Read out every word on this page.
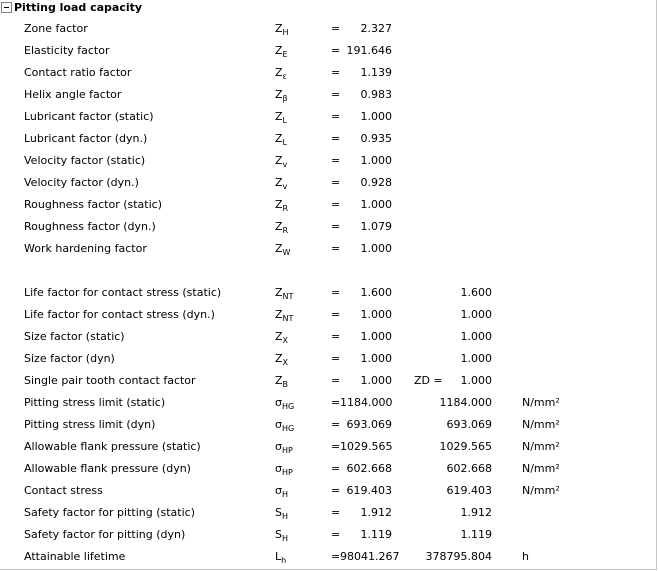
Pitting load capacity
Zone factor	$Z_H$	=	2.327
Elasticity factor	$Z_E$	= 191.646
Contact ratio factor	$Z_\varepsilon$	=	1.139
Helix angle factor	$Z_\beta$	=	0.983
Lubricant factor (static)	$Z_L$	=	1.000
Lubricant factor (dyn.)	$Z_L$	=	0.935
Velocity factor (static)	$Z_v$	=	1.000
Velocity factor (dyn.)	$Z_v$	=	0.928
Roughness factor (static)	$Z_R$	=	1.000
Roughness factor (dyn.)	$Z_R$	=	1.079
Work hardening factor	$Z_W$	=	1.000
Life factor for contact stress (static)	$Z_{NT}$	=	1.600	1.600
Life factor for contact stress (dyn.)	$Z_{NT}$	=	1.000	1.000
Size factor (static)	$Z_X$	=	1.000	1.000
Size factor (dyn)	$Z_X$	=	1.000	1.000
Single pair tooth contact factor	$Z_B$	=	1.000 ZD =	1.000
Pitting stress limit (static)	$\sigma_{HG}$	= 1184.000	1184.000	N/mm²
Pitting stress limit (dyn)	$\sigma_{HG}$	= 693.069	693.069	N/mm²
Allowable flank pressure (static)	$\sigma_{HP}$	= 1029.565	1029.565	N/mm²
Allowable flank pressure (dyn)	$\sigma_{HP}$	= 602.668	602.668	N/mm²
Contact stress	$\sigma_H$	= 619.403	619.403	N/mm²
Safety factor for pitting (static)	$S_H$	=	1.912	1.912
Safety factor for pitting (dyn)	$S_H$	=	1.119	1.119
Attainable lifetime	$L_h$	= 98041.267	378795.804	h
